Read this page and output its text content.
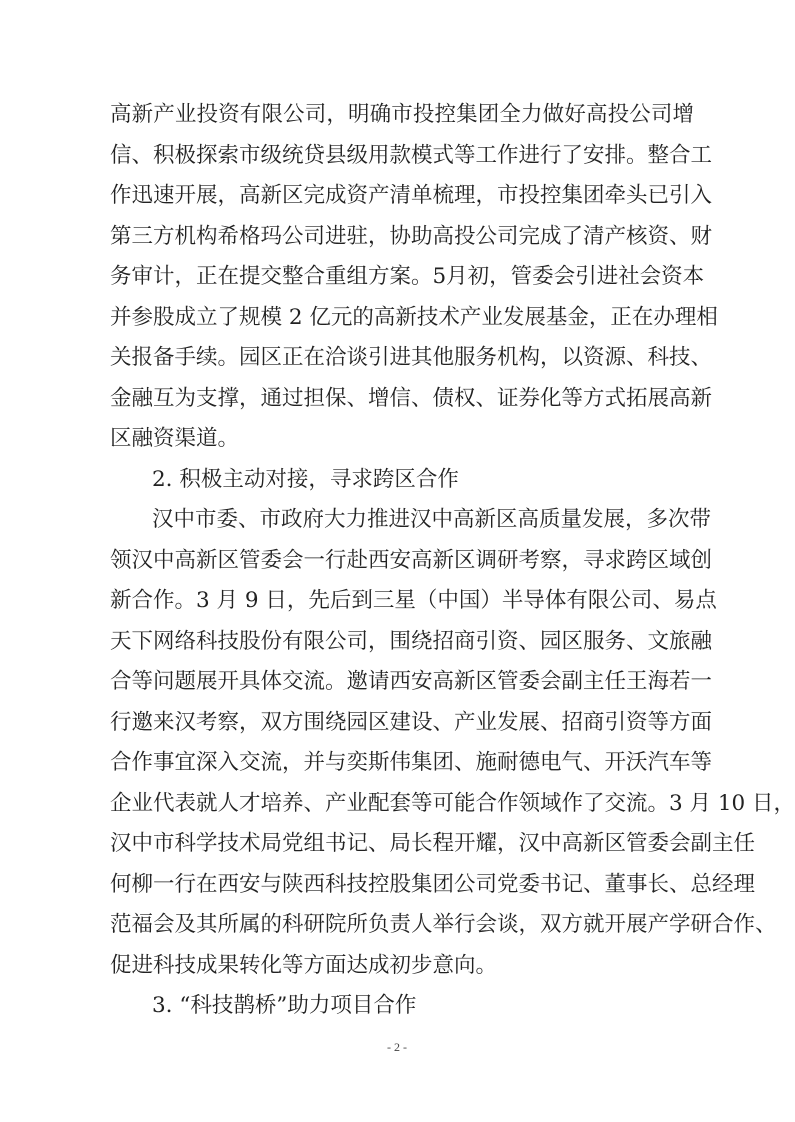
高新产业投资有限公司，明确市投控集团全力做好高投公司增
信、积极探索市级统贷县级用款模式等工作进行了安排。整合工
作迅速开展，高新区完成资产清单梳理，市投控集团牵头已引入
第三方机构希格玛公司进驻，协助高投公司完成了清产核资、财
务审计，正在提交整合重组方案。5月初，管委会引进社会资本
并参股成立了规模 2 亿元的高新技术产业发展基金，正在办理相
关报备手续。园区正在洽谈引进其他服务机构，以资源、科技、
金融互为支撑，通过担保、增信、债权、证券化等方式拓展高新
区融资渠道。
2. 积极主动对接，寻求跨区合作
汉中市委、市政府大力推进汉中高新区高质量发展，多次带
领汉中高新区管委会一行赴西安高新区调研考察，寻求跨区域创
新合作。3 月 9 日，先后到三星（中国）半导体有限公司、易点
天下网络科技股份有限公司，围绕招商引资、园区服务、文旅融
合等问题展开具体交流。邀请西安高新区管委会副主任王海若一
行邀来汉考察，双方围绕园区建设、产业发展、招商引资等方面
合作事宜深入交流，并与奕斯伟集团、施耐德电气、开沃汽车等
企业代表就人才培养、产业配套等可能合作领域作了交流。3 月 10 日，
汉中市科学技术局党组书记、局长程开耀，汉中高新区管委会副主任
何柳一行在西安与陕西科技控股集团公司党委书记、董事长、总经理
范福会及其所属的科研院所负责人举行会谈，双方就开展产学研合作、
促进科技成果转化等方面达成初步意向。
- 2 -
3. “科技鹊桥”助力项目合作
